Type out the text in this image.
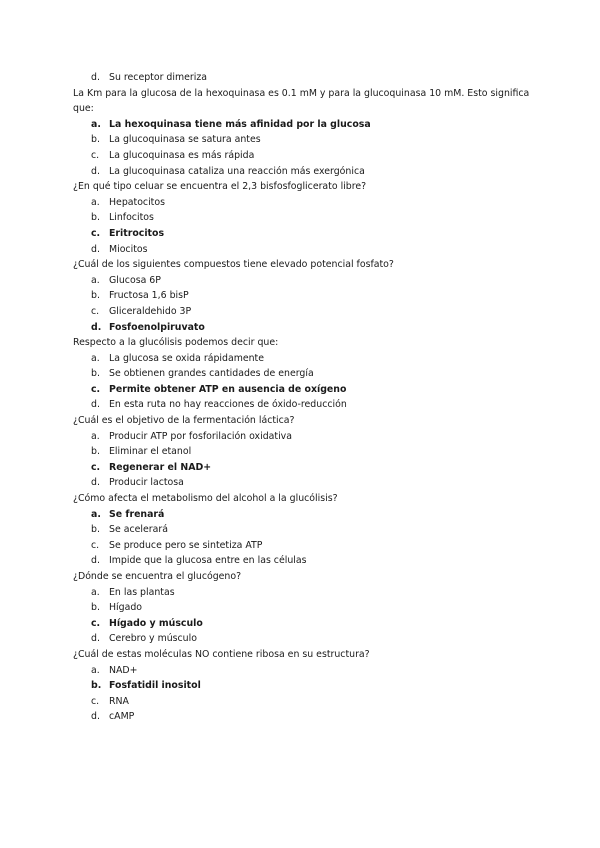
d. Su receptor dimeriza
La Km para la glucosa de la hexoquinasa es 0.1 mM y para la glucoquinasa 10 mM. Esto significa que:
a. La hexoquinasa tiene más afinidad por la glucosa
b. La glucoquinasa se satura antes
c. La glucoquinasa es más rápida
d. La glucoquinasa cataliza una reacción más exergónica
¿En qué tipo celuar se encuentra el 2,3 bisfosfoglicerato libre?
a. Hepatocitos
b. Linfocitos
c. Eritrocitos
d. Miocitos
¿Cuál de los siguientes compuestos tiene elevado potencial fosfato?
a. Glucosa 6P
b. Fructosa 1,6 bisP
c. Gliceraldehido 3P
d. Fosfoenolpiruvato
Respecto a la glucólisis podemos decir que:
a. La glucosa se oxida rápidamente
b. Se obtienen grandes cantidades de energía
c. Permite obtener ATP en ausencia de oxígeno
d. En esta ruta no hay reacciones de óxido-reducción
¿Cuál es el objetivo de la fermentación láctica?
a. Producir ATP por fosforilación oxidativa
b. Eliminar el etanol
c. Regenerar el NAD+
d. Producir lactosa
¿Cómo afecta el metabolismo del alcohol a la glucólisis?
a. Se frenará
b. Se acelerará
c. Se produce pero se sintetiza ATP
d. Impide que la glucosa entre en las células
¿Dónde se encuentra el glucógeno?
a. En las plantas
b. Hígado
c. Hígado y músculo
d. Cerebro y músculo
¿Cuál de estas moléculas NO contiene ribosa en su estructura?
a. NAD+
b. Fosfatidil inositol
c. RNA
d. cAMP
